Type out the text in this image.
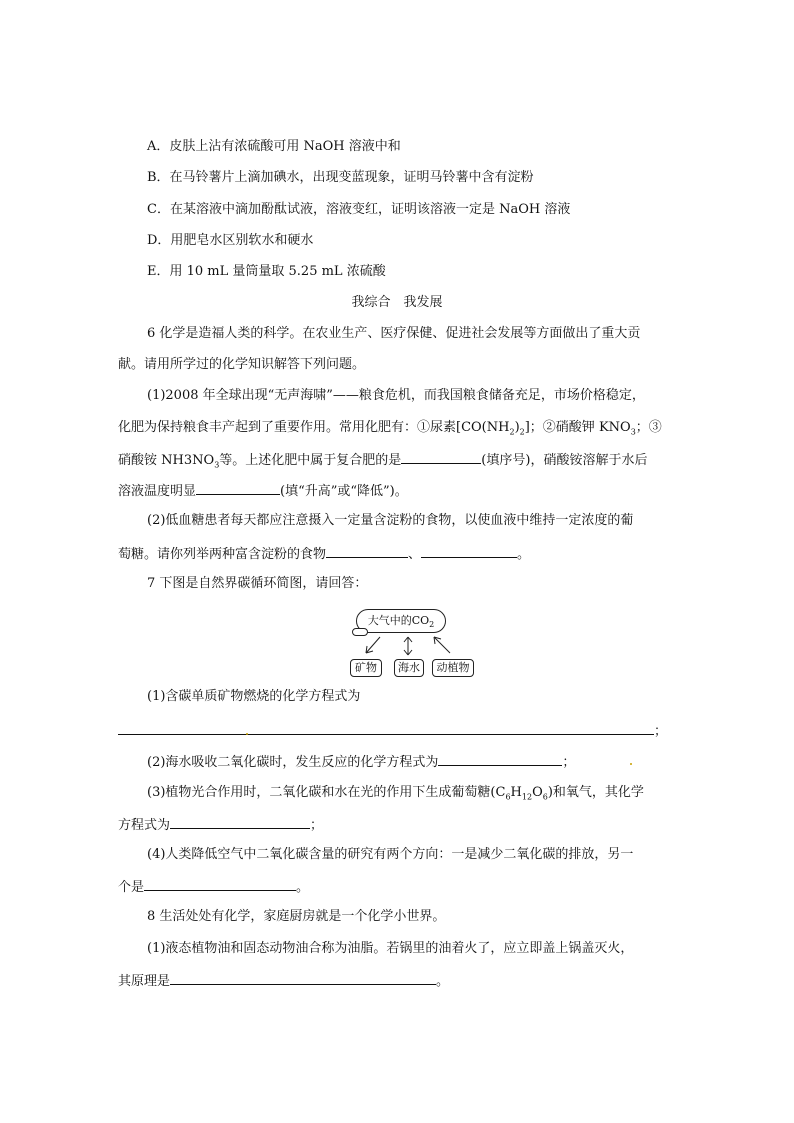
A．皮肤上沾有浓硫酸可用 NaOH 溶液中和
B．在马铃薯片上滴加碘水，出现变蓝现象，证明马铃薯中含有淀粉
C．在某溶液中滴加酚酞试液，溶液变红，证明该溶液一定是 NaOH 溶液
D．用肥皂水区别软水和硬水
E．用 10 mL 量筒量取 5.25 mL 浓硫酸
我综合　我发展
6 化学是造福人类的科学。在农业生产、医疗保健、促进社会发展等方面做出了重大贡
献。请用所学过的化学知识解答下列问题。
(1)2008 年全球出现“无声海啸”——粮食危机，而我国粮食储备充足，市场价格稳定，
化肥为保持粮食丰产起到了重要作用。常用化肥有：①尿素$[CO(NH_2)_2]$；②硝酸钾 $KNO_3$；③
硝酸铵 $NH3NO_3$等。上述化肥中属于复合肥的是	(填序号)，硝酸铵溶解于水后
溶液温度明显	(填“升高”或“降低”)。
(2)低血糖患者每天都应注意摄入一定量含淀粉的食物，以使血液中维持一定浓度的葡
萄糖。请你列举两种富含淀粉的食物	、	。
7 下图是自然界碳循环简图，请回答：
大气中的$CO_2$
矿物	海水	动植物
(1)含碳单质矿物燃烧的化学方程式为
；
(2)海水吸收二氧化碳时，发生反应的化学方程式为	；
(3)植物光合作用时，二氧化碳和水在光的作用下生成葡萄糖$(C_6H_{12}O_6)$和氧气，其化学
方程式为	；
(4)人类降低空气中二氧化碳含量的研究有两个方向：一是减少二氧化碳的排放，另一
个是	。
8 生活处处有化学，家庭厨房就是一个化学小世界。
(1)液态植物油和固态动物油合称为油脂。若锅里的油着火了，应立即盖上锅盖灭火，
其原理是	。
